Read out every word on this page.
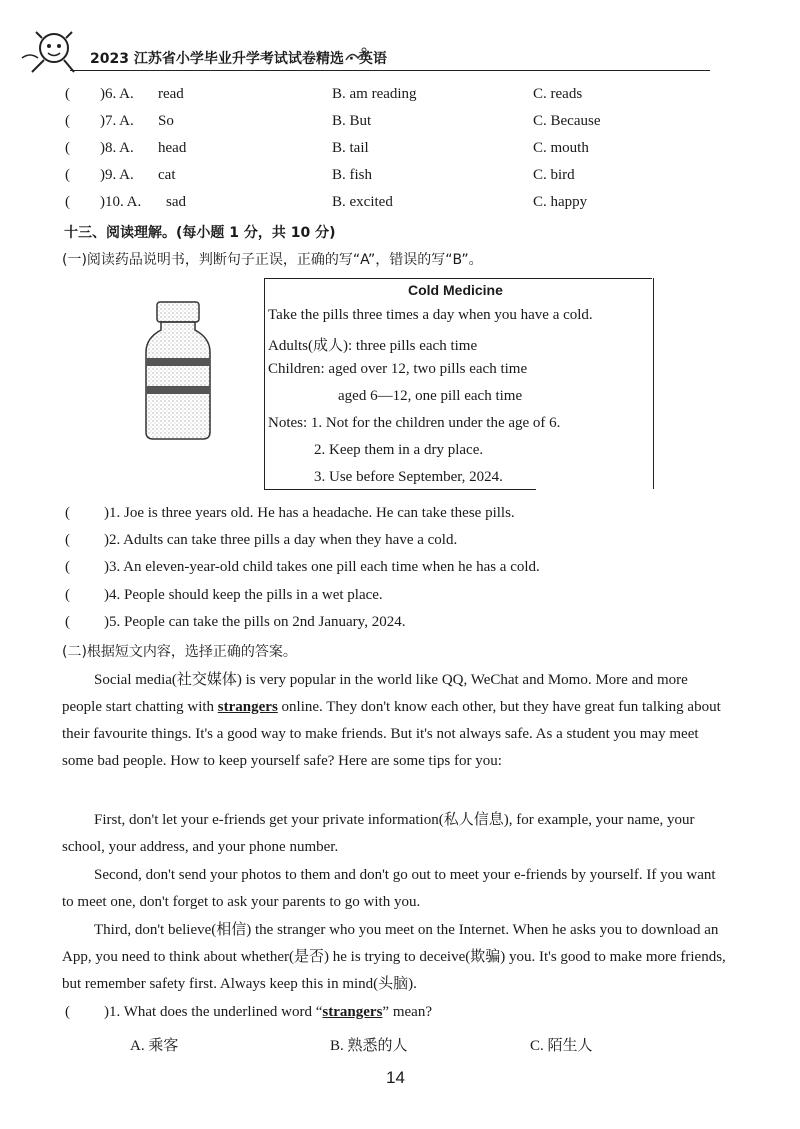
2023 江苏省小学毕业升学考试试卷精选 · 英语
( )6. A. read	B. am reading	C. reads
( )7. A. So	B. But	C. Because
( )8. A. head	B. tail	C. mouth
( )9. A. cat	B. fish	C. bird
( )10. A. sad	B. excited	C. happy
十三、阅读理解。(每小题 1 分，共 10 分)
(一)阅读药品说明书，判断句子正误，正确的写“A”，错误的写“B”。
Cold Medicine
Take the pills three times a day when you have a cold.
Adults(成人): three pills each time
Children: aged over 12, two pills each time
aged 6—12, one pill each time
Notes: 1. Not for the children under the age of 6.
2. Keep them in a dry place.
3. Use before September, 2024.
( )1. Joe is three years old. He has a headache. He can take these pills.
( )2. Adults can take three pills a day when they have a cold.
( )3. An eleven-year-old child takes one pill each time when he has a cold.
( )4. People should keep the pills in a wet place.
( )5. People can take the pills on 2nd January, 2024.
(二)根据短文内容，选择正确的答案。
Social media(社交媒体) is very popular in the world like QQ, WeChat and Momo. More and more people start chatting with strangers online. They don't know each other, but they have great fun talking about their favourite things. It's a good way to make friends. But it's not always safe. As a student you may meet some bad people. How to keep yourself safe? Here are some tips for you:
First, don't let your e-friends get your private information(私人信息), for example, your name, your school, your address, and your phone number.
Second, don't send your photos to them and don't go out to meet your e-friends by yourself. If you want to meet one, don't forget to ask your parents to go with you.
Third, don't believe(相信) the stranger who you meet on the Internet. When he asks you to download an App, you need to think about whether(是否) he is trying to deceive(欺骗) you. It's good to make more friends, but remember safety first. Always keep this in mind(头脑).
( )1. What does the underlined word “strangers” mean?
A. 乘客	B. 熟悉的人	C. 陌生人
14
